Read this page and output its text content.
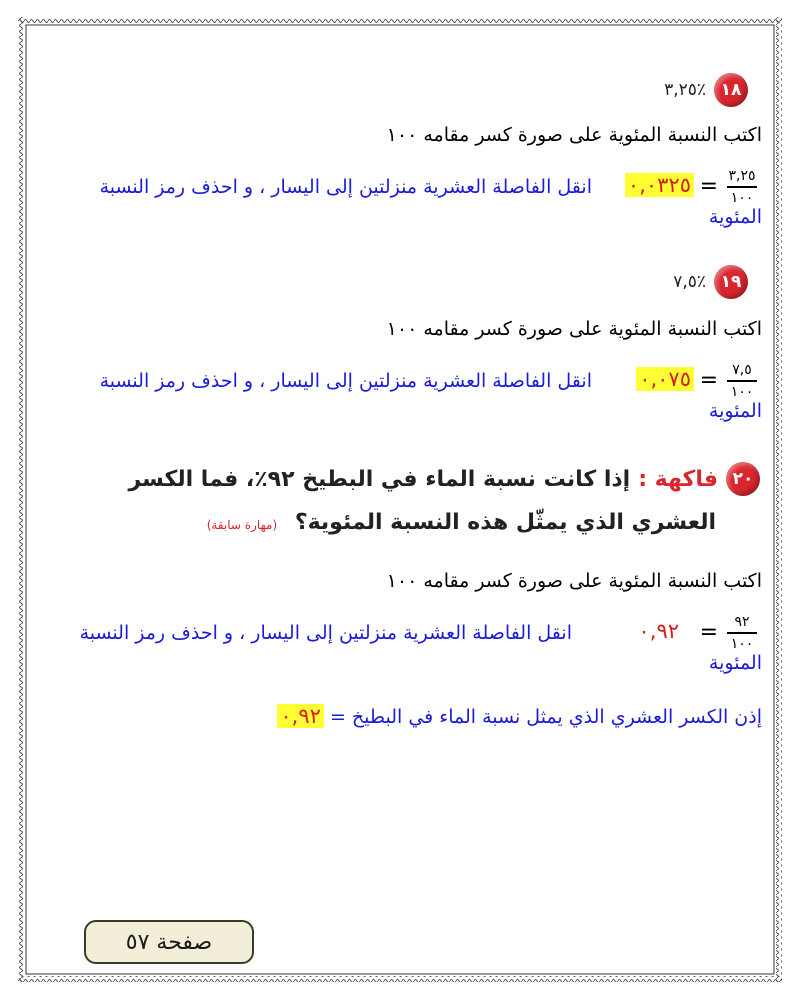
١٨
٪٣,٢٥
اكتب النسبة المئوية على صورة كسر مقامه ١٠٠
٣,٢٥
١٠٠
=
٠,٠٣٢٥
انقل الفاصلة العشرية منزلتين إلى اليسار ، و احذف رمز النسبة
المئوية
١٩
٪٧,٥
اكتب النسبة المئوية على صورة كسر مقامه ١٠٠
٧,٥
١٠٠
=
٠,٠٧٥
انقل الفاصلة العشرية منزلتين إلى اليسار ، و احذف رمز النسبة
المئوية
٢٠
فاكهة :
إذا كانت نسبة الماء في البطيخ ٩٢٪، فما الكسر
العشري الذي يمثّل هذه النسبة المئوية؟ (مهارة سابقة)
اكتب النسبة المئوية على صورة كسر مقامه ١٠٠
٩٢
١٠٠
=
٠,٩٢
انقل الفاصلة العشرية منزلتين إلى اليسار ، و احذف رمز النسبة
المئوية
إذن الكسر العشري الذي يمثل نسبة الماء في البطيخ = ٠,٩٢
صفحة ٥٧
